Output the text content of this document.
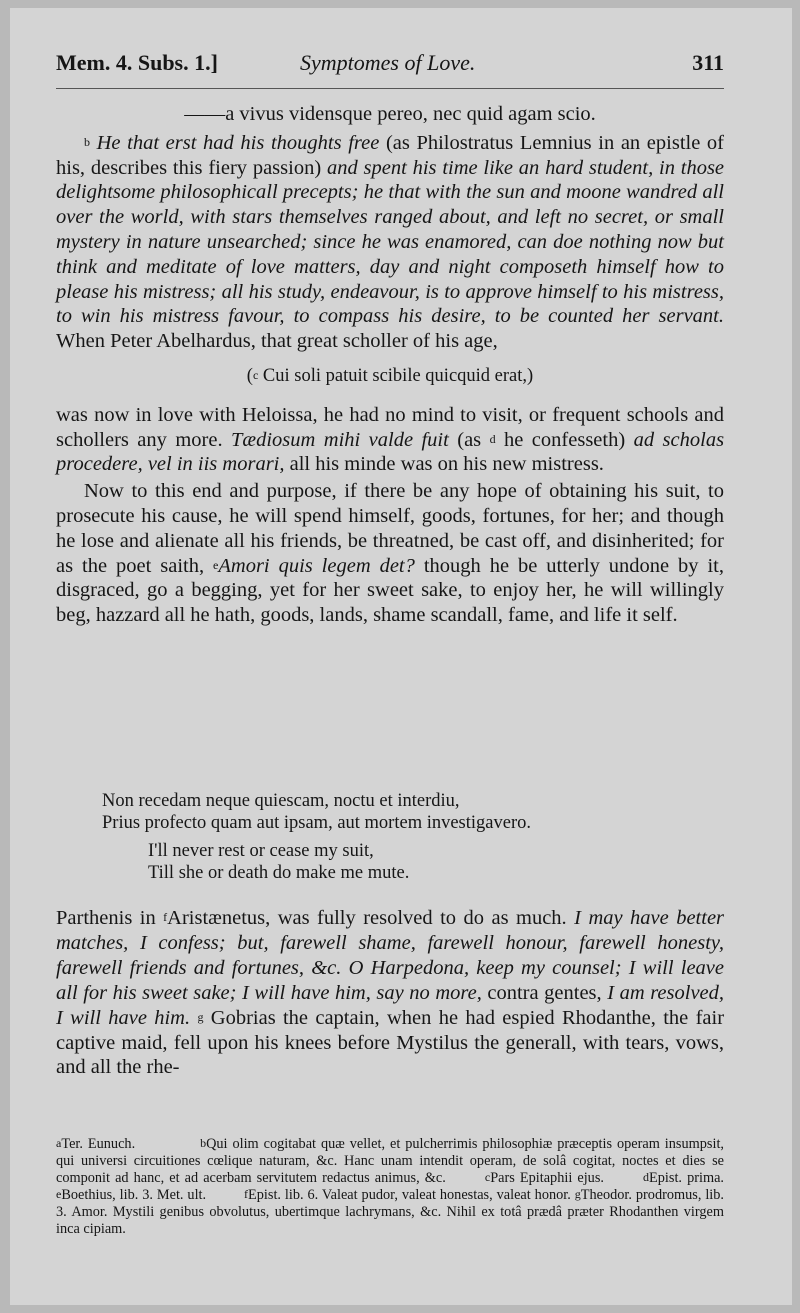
Mem. 4. Subs. 1.]	Symptomes of Love.	311

——a vivus vidensque pereo, nec quid agam scio.

$^b$ He that erst had his thoughts free (as Philostratus Lemnius in an epistle of his, describes this fiery passion) and spent his time like an hard student, in those delightsome philosophicall precepts; he that with the sun and moone wandred all over the world, with stars themselves ranged about, and left no secret, or small mystery in nature unsearched; since he was enamored, can doe nothing now but think and meditate of love matters, day and night composeth himself how to please his mistress; all his study, endeavour, is to approve himself to his mistress, to win his mistress favour, to compass his desire, to be counted her servant. When Peter Abelhardus, that great scholler of his age,

($^c$ Cui soli patuit scibile quicquid erat,)

was now in love with Heloissa, he had no mind to visit, or frequent schools and schollers any more. Tædiosum mihi valde fuit (as $^d$ he confesseth) ad scholas procedere, vel in iis morari, all his minde was on his new mistress.

Now to this end and purpose, if there be any hope of obtaining his suit, to prosecute his cause, he will spend himself, goods, fortunes, for her; and though he lose and alienate all his friends, be threatned, be cast off, and disinherited; for as the poet saith, $^e$Amori quis legem det? though he be utterly undone by it, disgraced, go a begging, yet for her sweet sake, to enjoy her, he will willingly beg, hazzard all he hath, goods, lands, shame scandall, fame, and life it self.

Non recedam neque quiescam, noctu et interdiu,
Prius profecto quam aut ipsam, aut mortem investigavero.
I'll never rest or cease my suit,
Till she or death do make me mute.

Parthenis in $^f$Aristænetus, was fully resolved to do as much. I may have better matches, I confess; but, farewell shame, farewell honour, farewell honesty, farewell friends and fortunes, &c. O Harpedona, keep my counsel; I will leave all for his sweet sake; I will have him, say no more, contra gentes, I am resolved, I will have him. $^g$ Gobrias the captain, when he had espied Rhodanthe, the fair captive maid, fell upon his knees before Mystilus the generall, with tears, vows, and all the rhe-

$^a$Ter. Eunuch.	$^b$Qui olim cogitabat quæ vellet, et pulcherrimis philosophiæ præceptis operam insumpsit, qui universi circuitiones cœlique naturam, &c. Hanc unam intendit operam, de solâ cogitat, noctes et dies se componit ad hanc, et ad acerbam servitutem redactus animus, &c.	$^c$Pars Epitaphii ejus.	$^d$Epist. prima. $^e$Boethius, lib. 3. Met. ult.	$^f$Epist. lib. 6. Valeat pudor, valeat honestas, valeat honor. $^g$Theodor. prodromus, lib. 3. Amor. Mystili genibus obvolutus, ubertimque lachrymans, &c. Nihil ex totâ prædâ præter Rhodanthen virgem inca cipiam.
